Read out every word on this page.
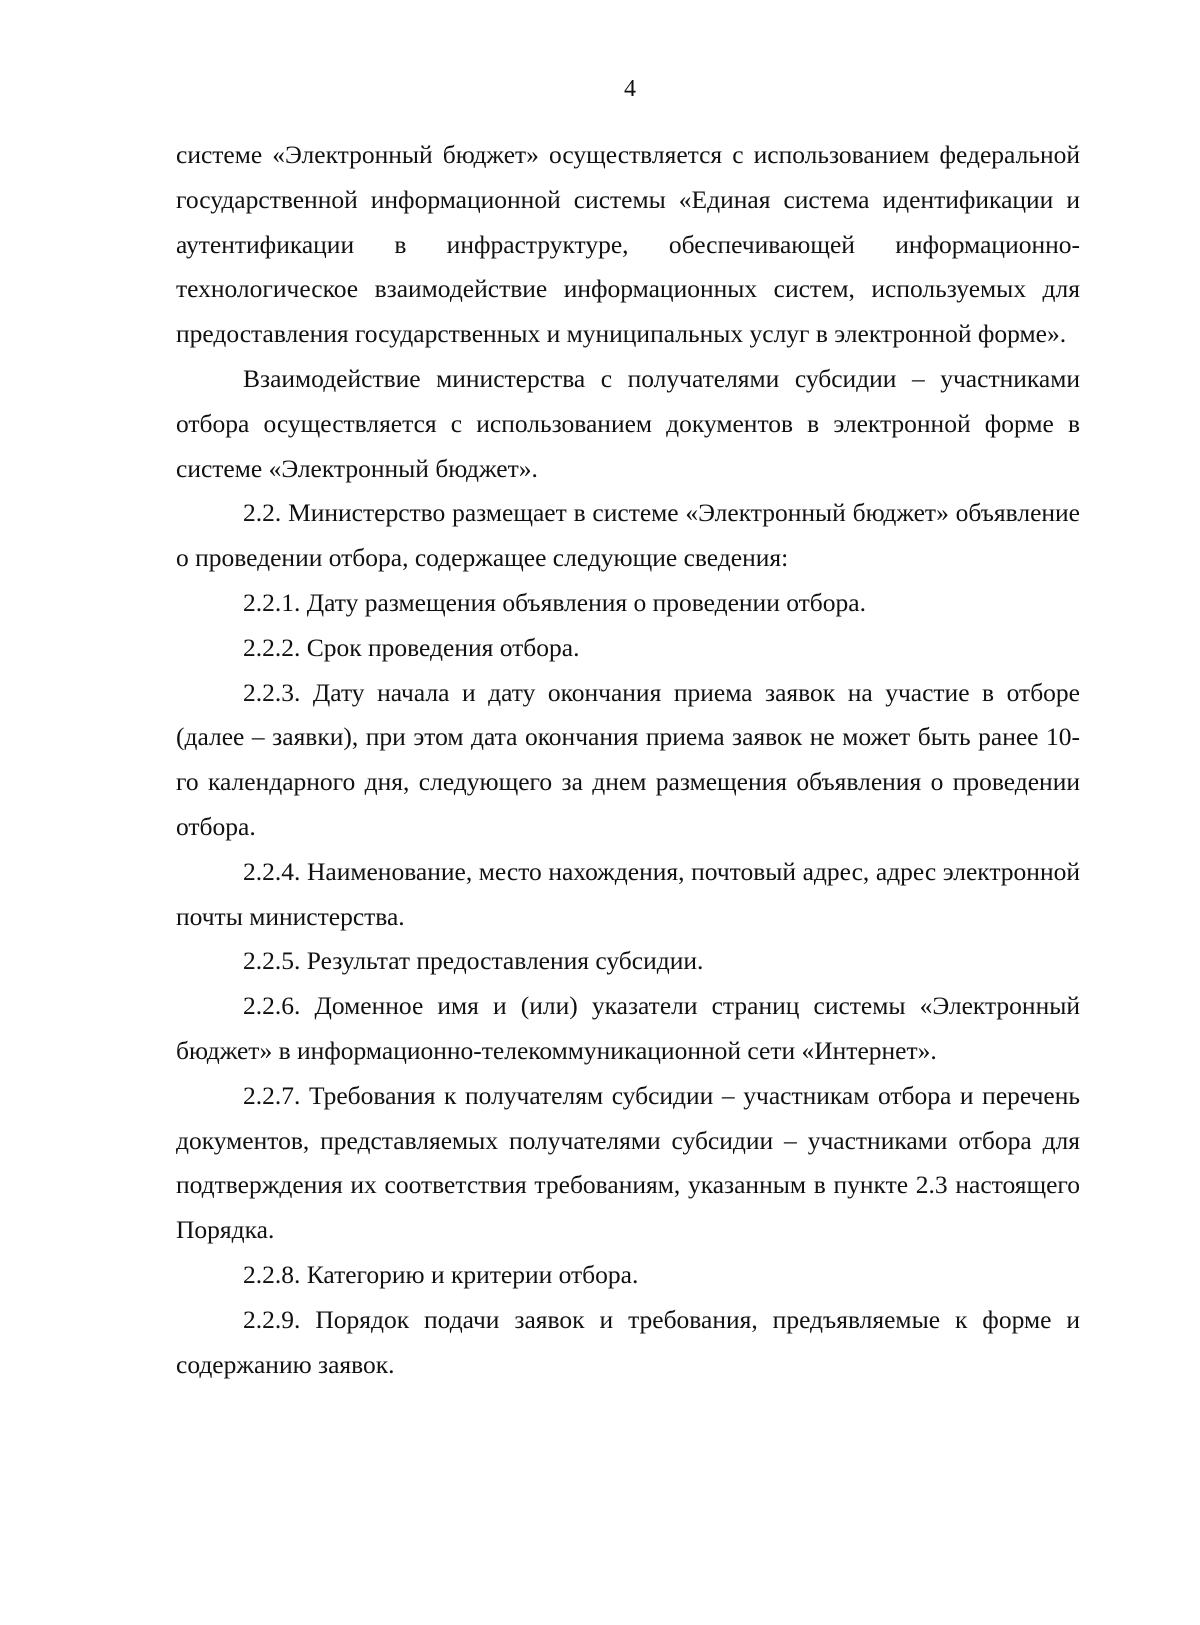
4

системе «Электронный бюджет» осуществляется с использованием федеральной государственной информационной системы «Единая система идентификации и аутентификации в инфраструктуре, обеспечивающей информационно-технологическое взаимодействие информационных систем, используемых для предоставления государственных и муниципальных услуг в электронной форме».

Взаимодействие министерства с получателями субсидии – участниками отбора осуществляется с использованием документов в электронной форме в системе «Электронный бюджет».

2.2. Министерство размещает в системе «Электронный бюджет» объявление о проведении отбора, содержащее следующие сведения:

2.2.1. Дату размещения объявления о проведении отбора.

2.2.2. Срок проведения отбора.

2.2.3. Дату начала и дату окончания приема заявок на участие в отборе (далее – заявки), при этом дата окончания приема заявок не может быть ранее 10-го календарного дня, следующего за днем размещения объявления о проведении отбора.

2.2.4. Наименование, место нахождения, почтовый адрес, адрес электронной почты министерства.

2.2.5. Результат предоставления субсидии.

2.2.6. Доменное имя и (или) указатели страниц системы «Электронный бюджет» в информационно-телекоммуникационной сети «Интернет».

2.2.7. Требования к получателям субсидии – участникам отбора и перечень документов, представляемых получателями субсидии – участниками отбора для подтверждения их соответствия требованиям, указанным в пункте 2.3 настоящего Порядка.

2.2.8. Категорию и критерии отбора.

2.2.9. Порядок подачи заявок и требования, предъявляемые к форме и содержанию заявок.
